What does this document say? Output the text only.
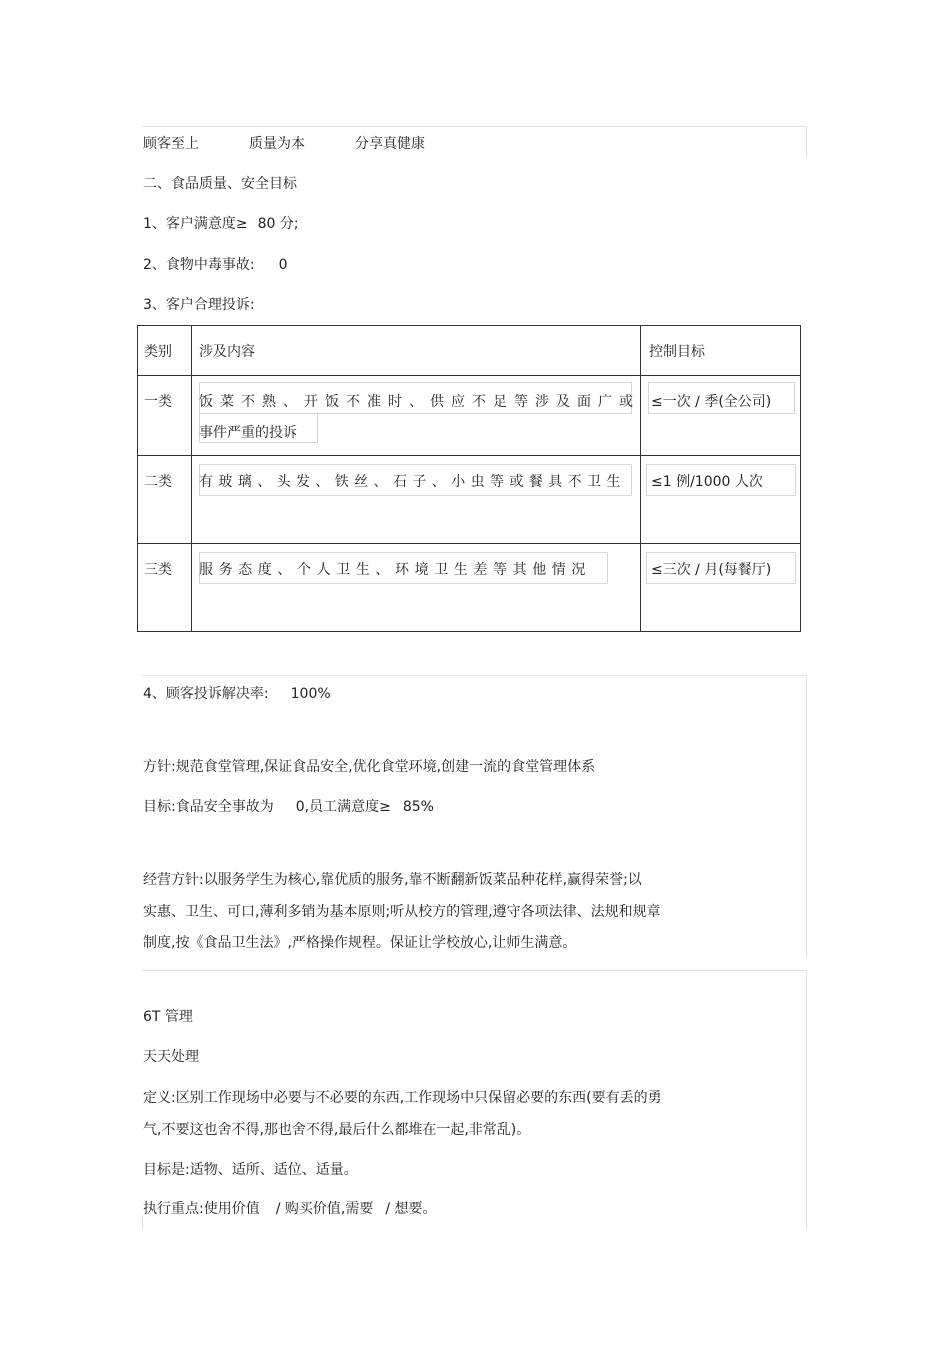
顾客至上	质量为本	分享真健康
二、食品质量、安全目标
1、客户满意度≥ 80 分;
2、食物中毒事故: 0
3、客户合理投诉:
类别	涉及内容	控制目标

一类	饭菜不熟、开饭不准时、供应不足等涉及面广或
事件严重的投诉	≤一次 / 季(全公司)

二类	有玻璃、头发、铁丝、石子、小虫等或餐具不卫生	≤1 例/1000 人次

三类	服务态度、个人卫生、环境卫生差等其他情况	≤三次 / 月(每餐厅)
4、顾客投诉解决率: 100%
方针:规范食堂管理,保证食品安全,优化食堂环境,创建一流的食堂管理体系
目标:食品安全事故为 0,员工满意度≥ 85%
经营方针:以服务学生为核心,靠优质的服务,靠不断翻新饭菜品种花样,赢得荣誉;以
实惠、卫生、可口,薄利多销为基本原则;听从校方的管理,遵守各项法律、法规和规章
制度,按《食品卫生法》,严格操作规程。保证让学校放心,让师生满意。
6T 管理
天天处理
定义:区别工作现场中必要与不必要的东西,工作现场中只保留必要的东西(要有丢的勇
气,不要这也舍不得,那也舍不得,最后什么都堆在一起,非常乱)。
目标是:适物、适所、适位、适量。
执行重点:使用价值 / 购买价值,需要 / 想要。
